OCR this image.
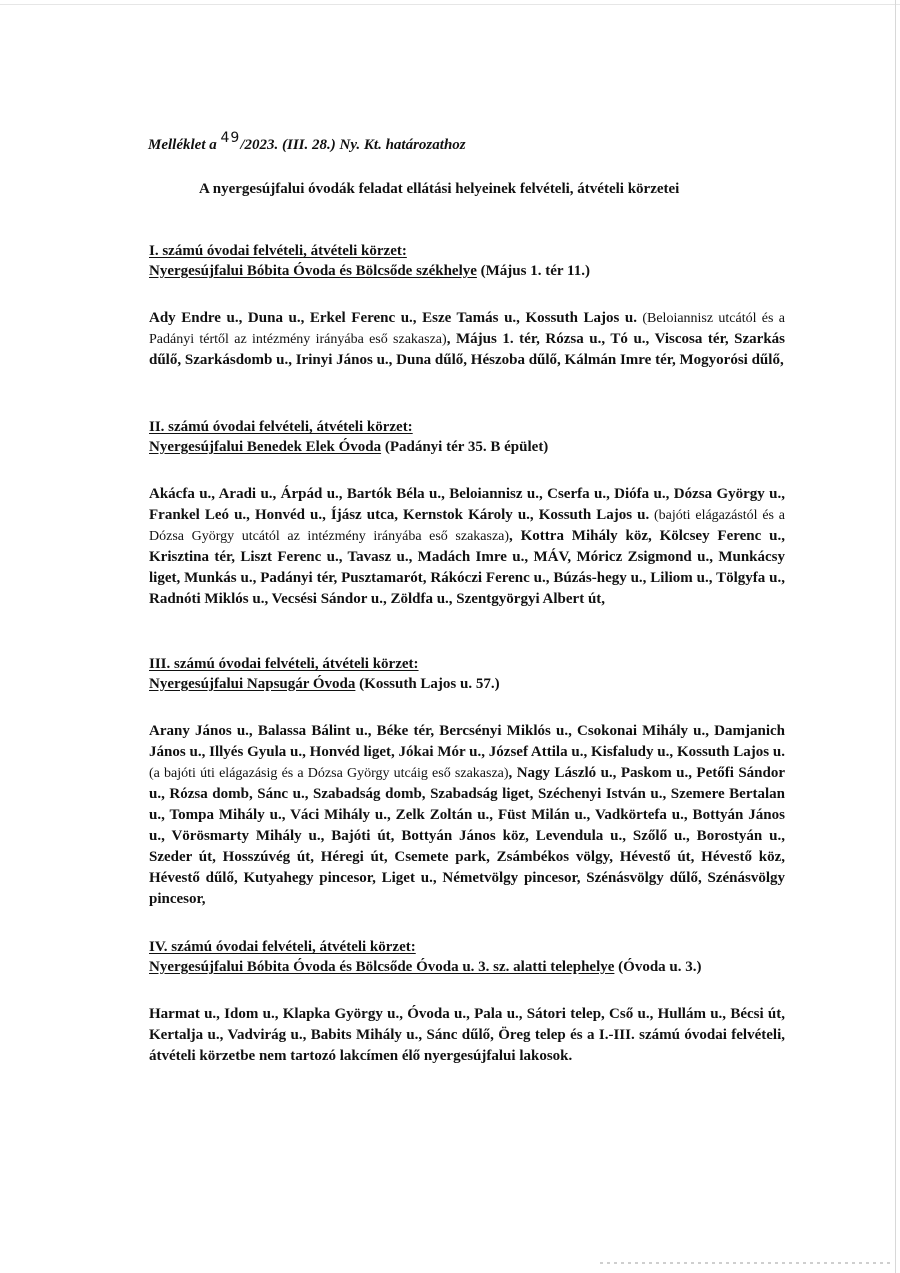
Melléklet a 49/2023. (III. 28.) Ny. Kt. határozathoz
A nyergesújfalui óvodák feladat ellátási helyeinek felvételi, átvételi körzetei
I. számú óvodai felvételi, átvételi körzet:
Nyergesújfalui Bóbita Óvoda és Bölcsőde székhelye (Május 1. tér 11.)
Ady Endre u., Duna u., Erkel Ferenc u., Esze Tamás u., Kossuth Lajos u. (Beloiannisz utcától és a Padányi tértől az intézmény irányába eső szakasza), Május 1. tér, Rózsa u., Tó u., Viscosa tér, Szarkás dűlő, Szarkásdomb u., Irinyi János u., Duna dűlő, Hészoba dűlő, Kálmán Imre tér, Mogyorósi dűlő,
II. számú óvodai felvételi, átvételi körzet:
Nyergesújfalui Benedek Elek Óvoda (Padányi tér 35. B épület)
Akácfa u., Aradi u., Árpád u., Bartók Béla u., Beloiannisz u., Cserfa u., Diófa u., Dózsa György u., Frankel Leó u., Honvéd u., Íjász utca, Kernstok Károly u., Kossuth Lajos u. (bajóti elágazástól és a Dózsa György utcától az intézmény irányába eső szakasza), Kottra Mihály köz, Kölcsey Ferenc u., Krisztina tér, Liszt Ferenc u., Tavasz u., Madách Imre u., MÁV, Móricz Zsigmond u., Munkácsy liget, Munkás u., Padányi tér, Pusztamarót, Rákóczi Ferenc u., Búzás-hegy u., Liliom u., Tölgyfa u., Radnóti Miklós u., Vecsési Sándor u., Zöldfa u., Szentgyörgyi Albert út,
III. számú óvodai felvételi, átvételi körzet:
Nyergesújfalui Napsugár Óvoda (Kossuth Lajos u. 57.)
Arany János u., Balassa Bálint u., Béke tér, Bercsényi Miklós u., Csokonai Mihály u., Damjanich János u., Illyés Gyula u., Honvéd liget, Jókai Mór u., József Attila u., Kisfaludy u., Kossuth Lajos u. (a bajóti úti elágazásig és a Dózsa György utcáig eső szakasza), Nagy László u., Paskom u., Petőfi Sándor u., Rózsa domb, Sánc u., Szabadság domb, Szabadság liget, Széchenyi István u., Szemere Bertalan u., Tompa Mihály u., Váci Mihály u., Zelk Zoltán u., Füst Milán u., Vadkörtefa u., Bottyán János u., Vörösmarty Mihály u., Bajóti út, Bottyán János köz, Levendula u., Szőlő u., Borostyán u., Szeder út, Hosszúvég út, Héregi út, Csemete park, Zsámbékos völgy, Hévestő út, Hévestő köz, Hévestő dűlő, Kutyahegy pincesor, Liget u., Németvölgy pincesor, Szénásvölgy dűlő, Szénásvölgy pincesor,
IV. számú óvodai felvételi, átvételi körzet:
Nyergesújfalui Bóbita Óvoda és Bölcsőde Óvoda u. 3. sz. alatti telephelye (Óvoda u. 3.)
Harmat u., Idom u., Klapka György u., Óvoda u., Pala u., Sátori telep, Cső u., Hullám u., Bécsi út, Kertalja u., Vadvirág u., Babits Mihály u., Sánc dűlő, Öreg telep és a I.-III. számú óvodai felvételi, átvételi körzetbe nem tartozó lakcímen élő nyergesújfalui lakosok.
